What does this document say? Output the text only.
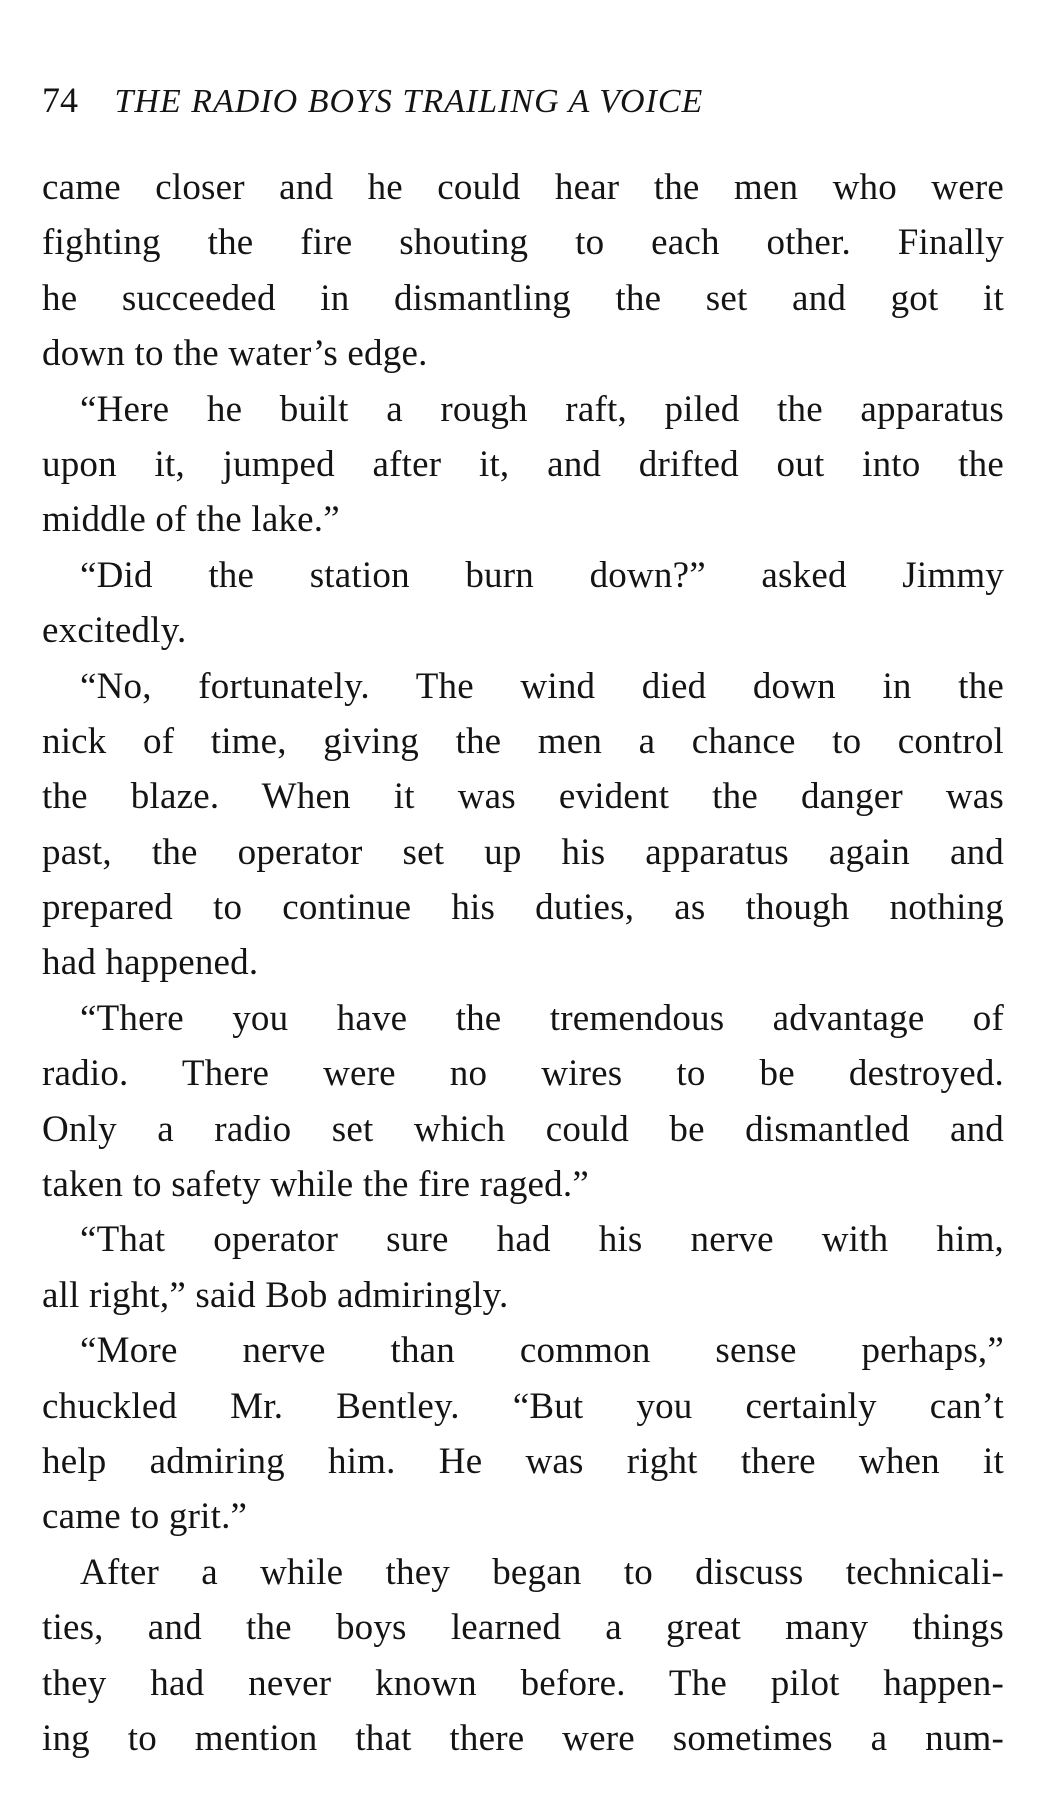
74 THE RADIO BOYS TRAILING A VOICE
came closer and he could hear the men who were
fighting the fire shouting to each other. Finally
he succeeded in dismantling the set and got it
down to the water’s edge.
“Here he built a rough raft, piled the apparatus
upon it, jumped after it, and drifted out into the
middle of the lake.”
“Did the station burn down?” asked Jimmy
excitedly.
“No, fortunately. The wind died down in the
nick of time, giving the men a chance to control
the blaze. When it was evident the danger was
past, the operator set up his apparatus again and
prepared to continue his duties, as though nothing
had happened.
“There you have the tremendous advantage of
radio. There were no wires to be destroyed.
Only a radio set which could be dismantled and
taken to safety while the fire raged.”
“That operator sure had his nerve with him,
all right,” said Bob admiringly.
“More nerve than common sense perhaps,”
chuckled Mr. Bentley. “But you certainly can’t
help admiring him. He was right there when it
came to grit.”
After a while they began to discuss technicali-
ties, and the boys learned a great many things
they had never known before. The pilot happen-
ing to mention that there were sometimes a num-
